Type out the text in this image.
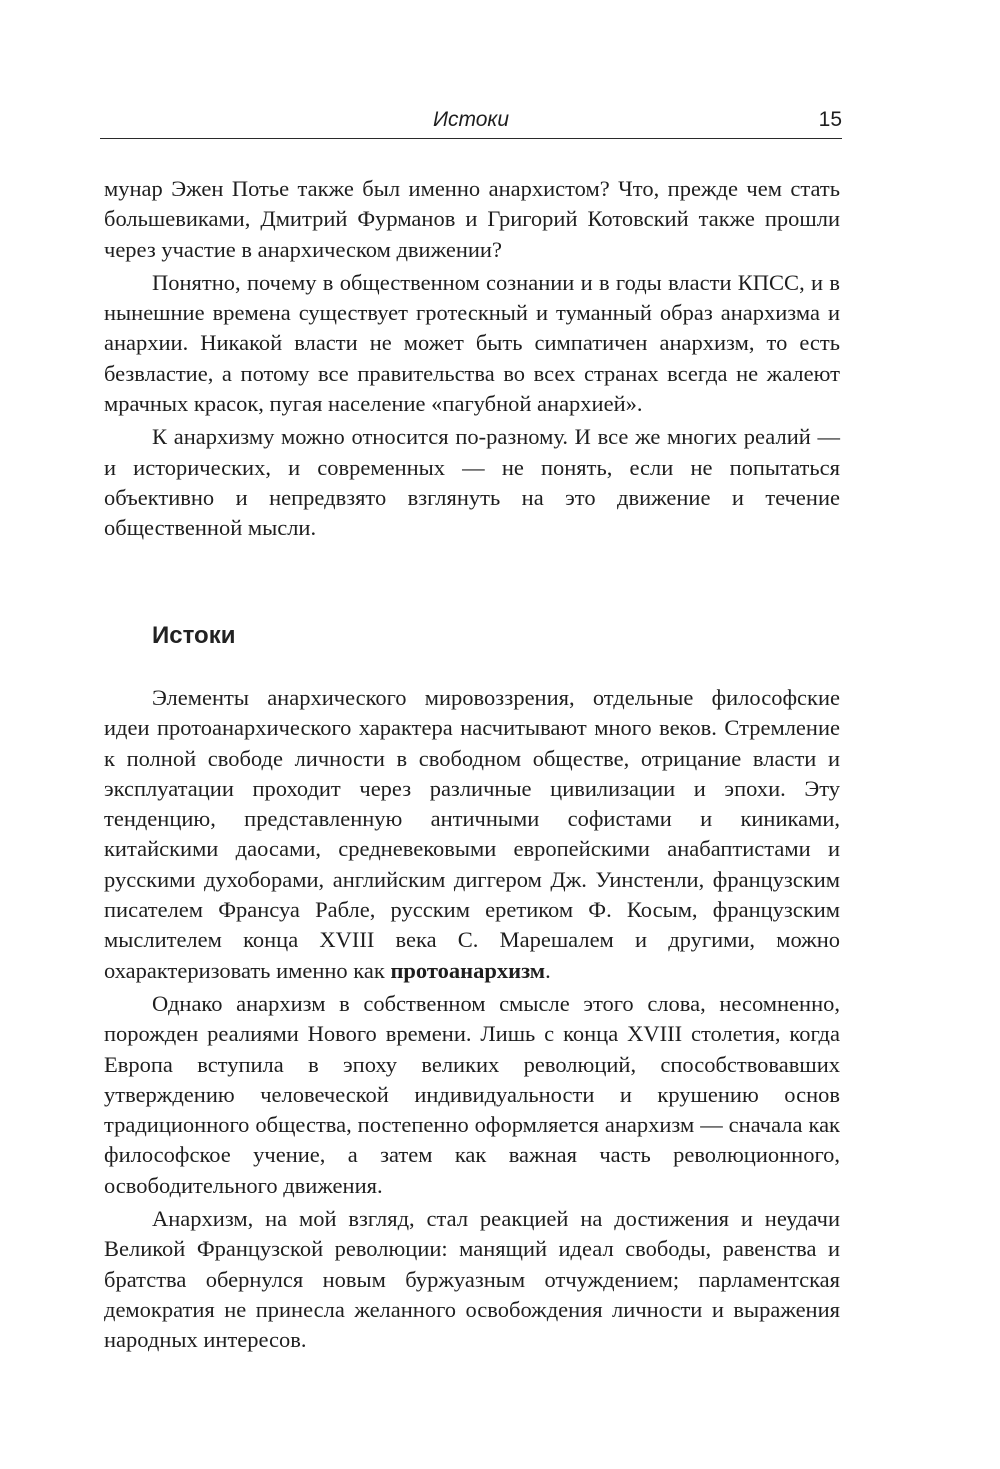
Истоки	15

мунар Эжен Потье также был именно анархистом? Что, прежде чем стать большевиками, Дмитрий Фурманов и Григорий Котовский также прошли через участие в анархическом движении?

Понятно, почему в общественном сознании и в годы власти КПСС, и в нынешние времена существует гротескный и туманный образ анархизма и анархии. Никакой власти не может быть симпатичен анархизм, то есть безвластие, а потому все правительства во всех странах всегда не жалеют мрачных красок, пугая население «пагубной анархией».

К анархизму можно относится по-разному. И все же многих реалий — и исторических, и современных — не понять, если не попытаться объективно и непредвзято взглянуть на это движение и течение общественной мысли.

Истоки

Элементы анархического мировоззрения, отдельные философские идеи протоанархического характера насчитывают много веков. Стремление к полной свободе личности в свободном обществе, отрицание власти и эксплуатации проходит через различные цивилизации и эпохи. Эту тенденцию, представленную античными софистами и киниками, китайскими даосами, средневековыми европейскими анабаптистами и русскими духоборами, английским диггером Дж. Уинстенли, французским писателем Франсуа Рабле, русским еретиком Ф. Косым, французским мыслителем конца XVIII века С. Марешалем и другими, можно охарактеризовать именно как протоанархизм.

Однако анархизм в собственном смысле этого слова, несомненно, порожден реалиями Нового времени. Лишь с конца XVIII столетия, когда Европа вступила в эпоху великих революций, способствовавших утверждению человеческой индивидуальности и крушению основ традиционного общества, постепенно оформляется анархизм — сначала как философское учение, а затем как важная часть революционного, освободительного движения.

Анархизм, на мой взгляд, стал реакцией на достижения и неудачи Великой Французской революции: манящий идеал свободы, равенства и братства обернулся новым буржуазным отчуждением; парламентская демократия не принесла желанного освобождения личности и выражения народных интересов.
